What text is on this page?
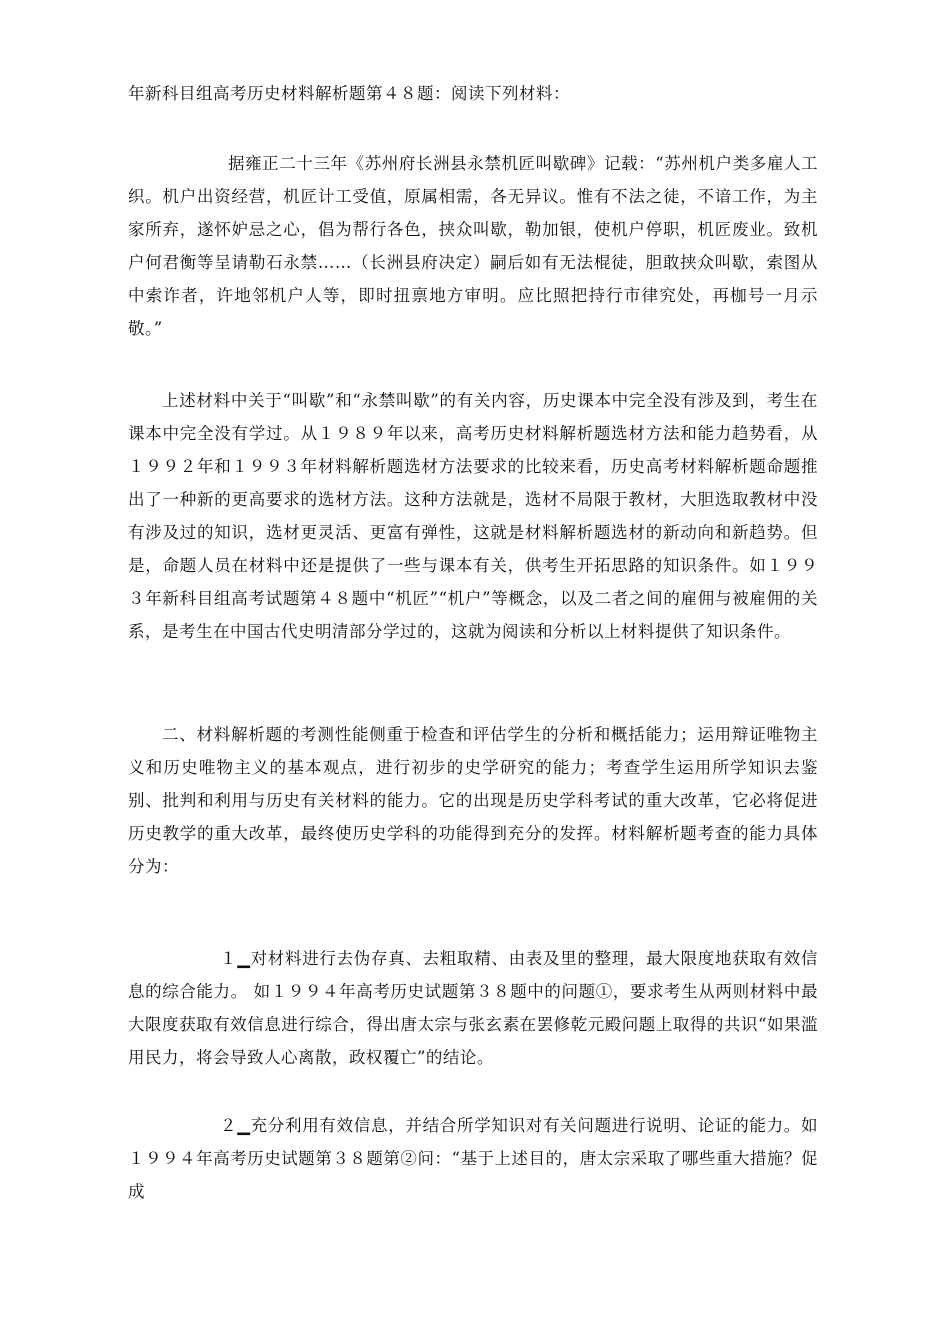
年新科目组高考历史材料解析题第４８题：阅读下列材料：

据雍正二十三年《苏州府长洲县永禁机匠叫歇碑》记载：“苏州机户类多雇人工织。机户出资经营，机匠计工受值，原属相需，各无异议。惟有不法之徒，不谙工作，为主家所弃，遂怀妒忌之心，倡为帮行各色，挟众叫歇，勒加银，使机户停职，机匠废业。致机户何君衡等呈请勒石永禁……（长洲县府决定）嗣后如有无法棍徒，胆敢挟众叫歇，索图从中索诈者，许地邻机户人等，即时扭禀地方审明。应比照把持行市律究处，再枷号一月示敬。”

上述材料中关于“叫歇”和“永禁叫歇”的有关内容，历史课本中完全没有涉及到，考生在课本中完全没有学过。从１９８９年以来，高考历史材料解析题选材方法和能力趋势看，从１９９２年和１９９３年材料解析题选材方法要求的比较来看，历史高考材料解析题命题推出了一种新的更高要求的选材方法。这种方法就是，选材不局限于教材，大胆选取教材中没有涉及过的知识，选材更灵活、更富有弹性，这就是材料解析题选材的新动向和新趋势。但是，命题人员在材料中还是提供了一些与课本有关，供考生开拓思路的知识条件。如１９９３年新科目组高考试题第４８题中“机匠”“机户”等概念，以及二者之间的雇佣与被雇佣的关系，是考生在中国古代史明清部分学过的，这就为阅读和分析以上材料提供了知识条件。

二、材料解析题的考测性能侧重于检查和评估学生的分析和概括能力；运用辩证唯物主义和历史唯物主义的基本观点，进行初步的史学研究的能力；考查学生运用所学知识去鉴别、批判和利用与历史有关材料的能力。它的出现是历史学科考试的重大改革，它必将促进历史教学的重大改革，最终使历史学科的功能得到充分的发挥。材料解析题考查的能力具体分为：

１▁对材料进行去伪存真、去粗取精、由表及里的整理，最大限度地获取有效信息的综合能力。 如１９９４年高考历史试题第３８题中的问题①，要求考生从两则材料中最大限度获取有效信息进行综合，得出唐太宗与张玄素在罢修乾元殿问题上取得的共识“如果滥用民力，将会导致人心离散，政权覆亡”的结论。

２▁充分利用有效信息，并结合所学知识对有关问题进行说明、论证的能力。如１９９４年高考历史试题第３８题第②问：“基于上述目的，唐太宗采取了哪些重大措施？促成
